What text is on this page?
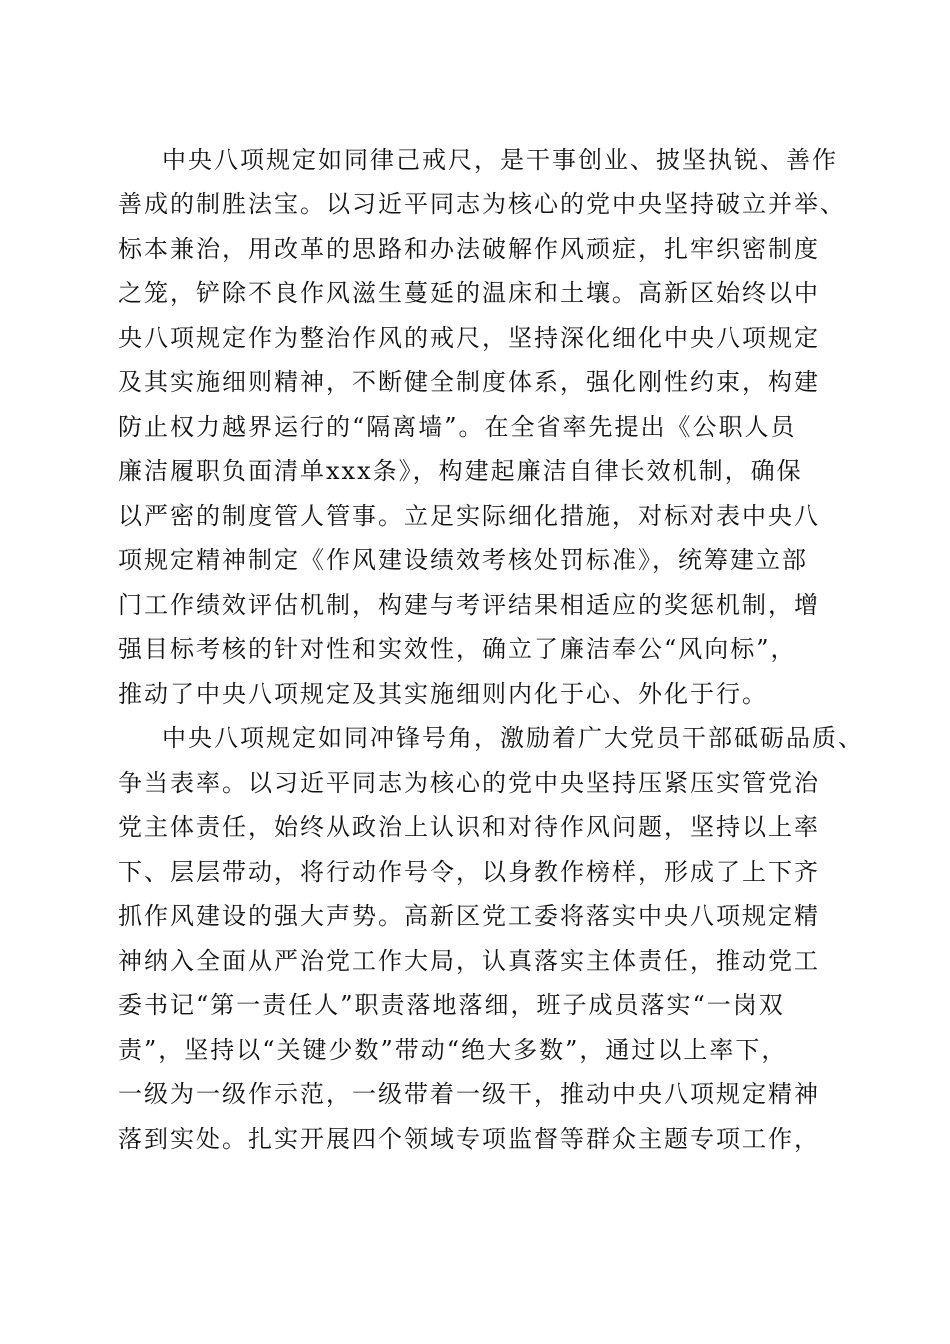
中央八项规定如同律己戒尺，是干事创业、披坚执锐、善作
善成的制胜法宝。以习近平同志为核心的党中央坚持破立并举、
标本兼治，用改革的思路和办法破解作风顽症，扎牢织密制度
之笼，铲除不良作风滋生蔓延的温床和土壤。高新区始终以中
央八项规定作为整治作风的戒尺，坚持深化细化中央八项规定
及其实施细则精神，不断健全制度体系，强化刚性约束，构建
防止权力越界运行的“隔离墙”。在全省率先提出《公职人员
廉洁履职负面清单xxx条》，构建起廉洁自律长效机制，确保
以严密的制度管人管事。立足实际细化措施，对标对表中央八
项规定精神制定《作风建设绩效考核处罚标准》，统筹建立部
门工作绩效评估机制，构建与考评结果相适应的奖惩机制，增
强目标考核的针对性和实效性，确立了廉洁奉公“风向标”，
推动了中央八项规定及其实施细则内化于心、外化于行。
中央八项规定如同冲锋号角，激励着广大党员干部砥砺品质、
争当表率。以习近平同志为核心的党中央坚持压紧压实管党治
党主体责任，始终从政治上认识和对待作风问题，坚持以上率
下、层层带动，将行动作号令，以身教作榜样，形成了上下齐
抓作风建设的强大声势。高新区党工委将落实中央八项规定精
神纳入全面从严治党工作大局，认真落实主体责任，推动党工
委书记“第一责任人”职责落地落细，班子成员落实“一岗双
责”，坚持以“关键少数”带动“绝大多数”，通过以上率下，
一级为一级作示范，一级带着一级干，推动中央八项规定精神
落到实处。扎实开展四个领域专项监督等群众主题专项工作，
